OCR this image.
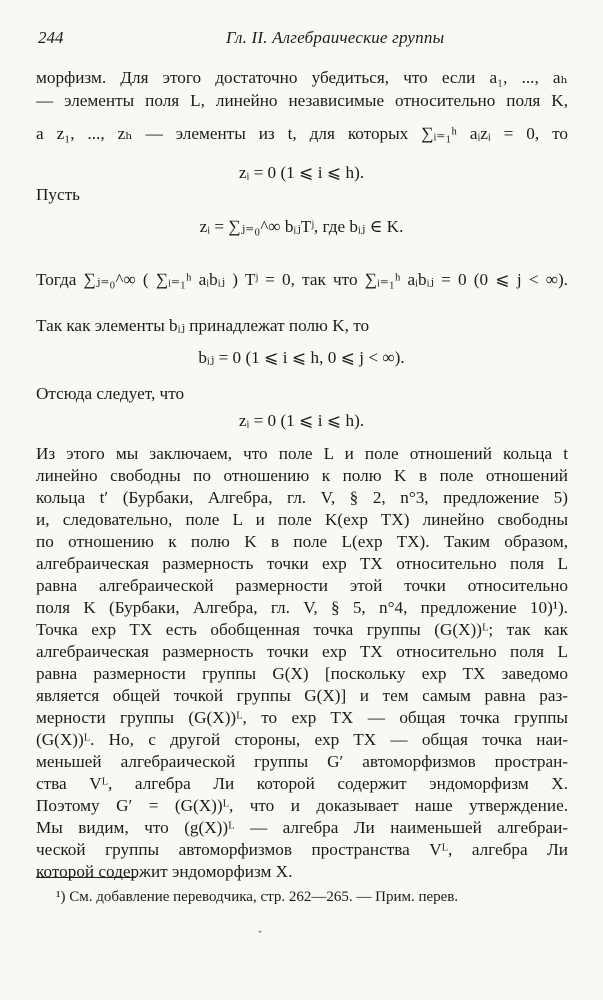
244	Гл. II. Алгебраические группы
морфизм. Для этого достаточно убедиться, что если a₁, ..., aₕ
— элементы поля L, линейно независимые относительно поля K,
а z₁, ..., zₕ — элементы из t, для которых ∑ᵢ₌₁ʰ aᵢzᵢ = 0, то
zᵢ = 0 (1 ⩽ i ⩽ h).
Пусть
zᵢ = ∑ⱼ₌₀^∞ bᵢⱼTʲ, где bᵢⱼ ∈ K.
Тогда ∑ⱼ₌₀^∞ ( ∑ᵢ₌₁ʰ aᵢbᵢⱼ ) Tʲ = 0, так что ∑ᵢ₌₁ʰ aᵢbᵢⱼ = 0 (0 ⩽ j < ∞).
Так как элементы bᵢⱼ принадлежат полю K, то
bᵢⱼ = 0 (1 ⩽ i ⩽ h, 0 ⩽ j < ∞).
Отсюда следует, что
zᵢ = 0 (1 ⩽ i ⩽ h).
Из этого мы заключаем, что поле L и поле отношений кольца t
линейно свободны по отношению к полю K в поле отношений
кольца t′ (Бурбаки, Алгебра, гл. V, § 2, n°3, предложение 5)
и, следовательно, поле L и поле K(exp TX) линейно свободны
по отношению к полю K в поле L(exp TX). Таким образом,
алгебраическая размерность точки exp TX относительно поля L
равна алгебраической размерности этой точки относительно
поля K (Бурбаки, Алгебра, гл. V, § 5, n°4, предложение 10)¹).
Точка exp TX есть обобщенная точка группы (G(X))ᴸ; так как
алгебраическая размерность точки exp TX относительно поля L
равна размерности группы G(X) [поскольку exp TX заведомо
является общей точкой группы G(X)] и тем самым равна раз-
мерности группы (G(X))ᴸ, то exp TX — общая точка группы
(G(X))ᴸ. Но, с другой стороны, exp TX — общая точка наи-
меньшей алгебраической группы G′ автоморфизмов простран-
ства Vᴸ, алгебра Ли которой содержит эндоморфизм X.
Поэтому G′ = (G(X))ᴸ, что и доказывает наше утверждение.
Мы видим, что (g(X))ᴸ — алгебра Ли наименьшей алгебраи-
ческой группы автоморфизмов пространства Vᴸ, алгебра Ли
¹) См. добавление переводчика, стр. 262—265. — Прим. перев.
которой содержит эндоморфизм X.
ˇ
